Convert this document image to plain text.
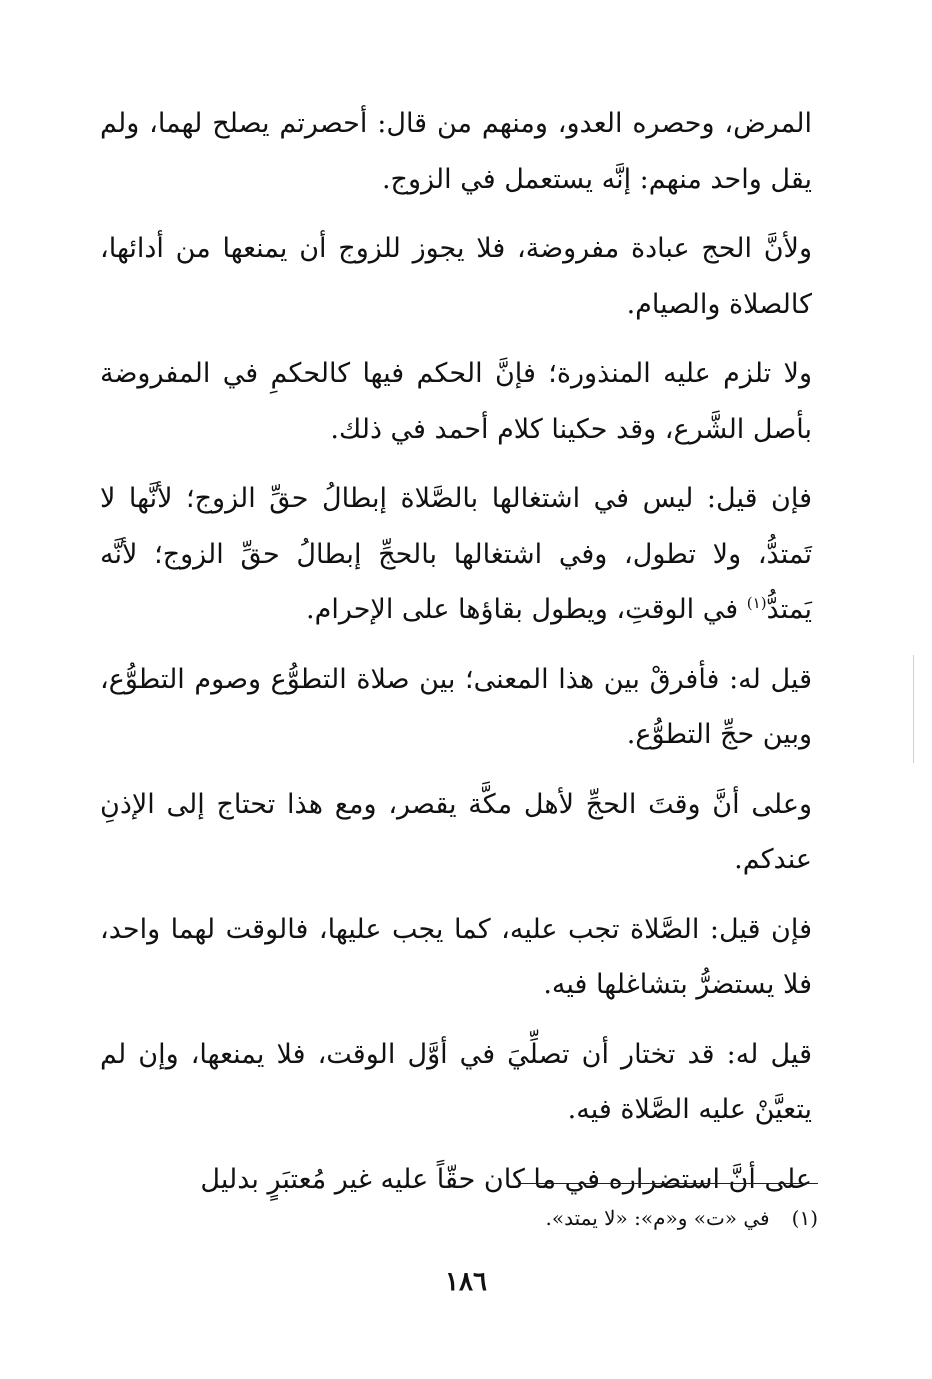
المرض، وحصره العدو، ومنهم من قال: أحصرتم يصلح لهما، ولم يقل واحد منهم: إنَّه يستعمل في الزوج.

ولأنَّ الحج عبادة مفروضة، فلا يجوز للزوج أن يمنعها من أدائها، كالصلاة والصيام.

ولا تلزم عليه المنذورة؛ فإنَّ الحكم فيها كالحكمِ في المفروضة بأصل الشَّرع، وقد حكينا كلام أحمد في ذلك.

فإن قيل: ليس في اشتغالها بالصَّلاة إبطالُ حقِّ الزوج؛ لأنَّها لا تَمتدُّ، ولا تطول، وفي اشتغالها بالحجِّ إبطالُ حقِّ الزوج؛ لأنَّه يَمتدُّ$^{(١)}$ في الوقتِ، ويطول بقاؤها على الإحرام.

قيل له: فأفرقْ بين هذا المعنى؛ بين صلاة التطوُّع وصوم التطوُّع، وبين حجِّ التطوُّع.

وعلى أنَّ وقتَ الحجِّ لأهل مكَّة يقصر، ومع هذا تحتاج إلى الإذنِ عندكم.

فإن قيل: الصَّلاة تجب عليه، كما يجب عليها، فالوقت لهما واحد، فلا يستضرُّ بتشاغلها فيه.

قيل له: قد تختار أن تصلِّيَ في أوَّل الوقت، فلا يمنعها، وإن لم يتعيَّنْ عليه الصَّلاة فيه.

على أنَّ استضراره في ما كان حقّاً عليه غير مُعتبَرٍ بدليل

(١)في «ت» و«م»: «لا يمتد».
١٨٦
